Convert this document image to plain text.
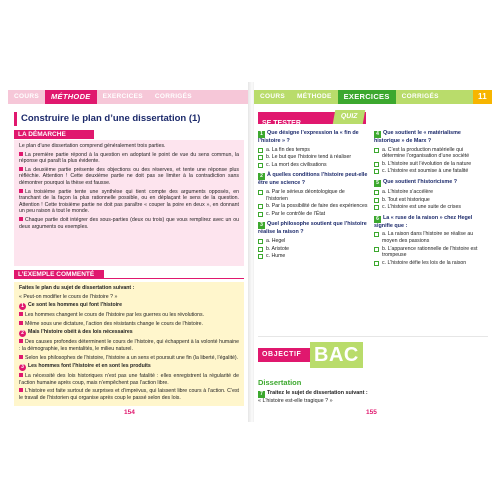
COURS	MÉTHODE	EXERCICES	CORRIGÉS
Construire le plan d’une dissertation (1)
LA DÉMARCHE

Le plan d’une dissertation comprend généralement trois parties.

La première partie répond à la question en adoptant le point de vue du sens commun, la réponse qui paraît la plus évidente.

La deuxième partie présente des objections ou des réserves, et tente une réponse plus réfléchie. Attention ! Cette deuxième partie ne doit pas se limiter à la contradiction sans démontrer pourquoi la thèse est fausse.

La troisième partie tente une synthèse qui tient compte des arguments opposés, en tranchant de la façon la plus rationnelle possible, ou en déplaçant le sens de la question. Attention ! Cette troisième partie ne doit pas paraître « couper la poire en deux », en donnant un peu raison à tout le monde.

Chaque partie doit intégrer des sous-parties (deux ou trois) que vous remplirez avec un ou deux arguments ou exemples.

L’EXEMPLE COMMENTÉ

Faites le plan du sujet de dissertation suivant :

« Peut-on modifier le cours de l’histoire ? »

1 Ce sont les hommes qui font l’histoire

Les hommes changent le cours de l’histoire par les guerres ou les révolutions.

Même sous une dictature, l’action des résistants change le cours de l’histoire.

2 Mais l’histoire obéit à des lois nécessaires

Des causes profondes déterminent le cours de l’histoire, qui échappent à la volonté humaine : la démographie, les mentalités, le milieu naturel.

Selon les philosophes de l’histoire, l’histoire a un sens et poursuit une fin (la liberté, l’égalité).

3 Les hommes font l’histoire et en sont les produits

La nécessité des lois historiques n’est pas une fatalité : elles enregistrent la régularité de l’action humaine après coup, mais n’empêchent pas l’action libre.

L’histoire est faite surtout de surprises et d’imprévus, qui laissent libre cours à l’action. C’est le travail de l’historien qui organise après coup le passé selon des lois.

154
COURS	MÉTHODE	EXERCICES	CORRIGÉS	11
SE TESTER
QUIZ
1 Que désigne l’expression la « fin de l’histoire » ?
a. La fin des temps
b. Le but que l’histoire tend à réaliser
c. La mort des civilisations
2 À quelles conditions l’histoire peut-elle être une science ?
a. Par le sérieux déontologique de l’historien
b. Par la possibilité de faire des expériences
c. Par le contrôle de l’État
3 Quel philosophe soutient que l’histoire réalise la raison ?
a. Hegel
b. Aristote
c. Hume
4 Que soutient le « matérialisme historique » de Marx ?
a. C’est la production matérielle qui détermine l’organisation d’une société
b. L’histoire suit l’évolution de la nature
c. L’histoire est soumise à une fatalité
5 Que soutient l’historicisme ?
a. L’histoire s’accélère
b. Tout est historique
c. L’histoire est une suite de crises
6 La « ruse de la raison » chez Hegel signifie que :
a. La raison dans l’histoire se réalise au moyen des passions
b. L’apparence rationnelle de l’histoire est trompeuse
c. L’histoire défie les lois de la raison
OBJECTIF BAC
Dissertation
7 Traitez le sujet de dissertation suivant :
« L’histoire est-elle tragique ? »
155
